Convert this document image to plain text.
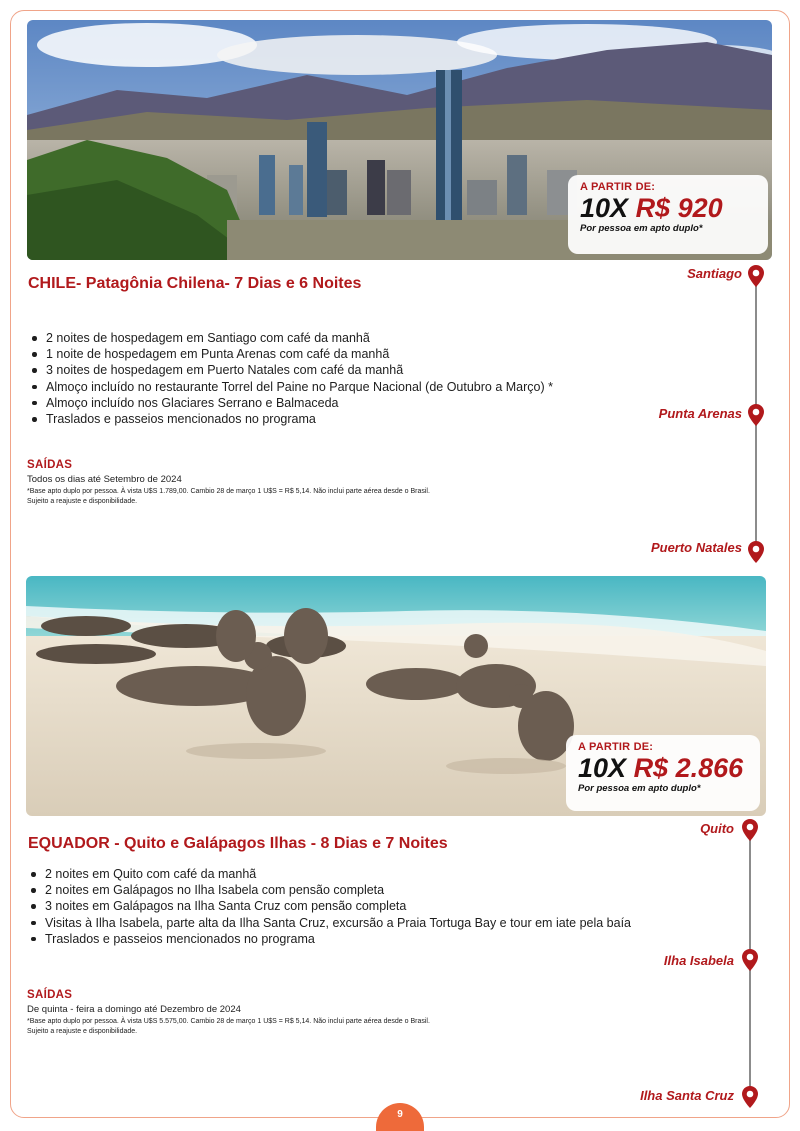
A PARTIR DE:
10X R$ 920
Por pessoa em apto duplo*
CHILE- Patagônia Chilena- 7 Dias e 6 Noites
2 noites de hospedagem em Santiago com café da manhã
1 noite de hospedagem em Punta Arenas com café da manhã
3 noites de hospedagem em Puerto Natales com café da manhã
Almoço incluído no restaurante Torrel del Paine no Parque Nacional (de Outubro a Março) *
Almoço incluído nos Glaciares Serrano e Balmaceda
Traslados e passeios mencionados no programa
SAÍDAS
Todos os dias até Setembro de 2024
*Base apto duplo por pessoa. À vista U$S 1.789,00. Cambio 28 de março 1 U$S = R$ 5,14. Não inclui parte aérea desde o Brasil.
Sujeito a reajuste e disponibilidade.
Santiago
Punta Arenas
Puerto Natales
A PARTIR DE:
10X R$ 2.866
Por pessoa em apto duplo*
EQUADOR - Quito e Galápagos Ilhas - 8 Dias e 7 Noites
2 noites em Quito com café da manhã
2 noites em Galápagos no Ilha Isabela com pensão completa
3 noites em Galápagos na Ilha Santa Cruz com pensão completa
Visitas à Ilha Isabela, parte alta da Ilha Santa Cruz, excursão a Praia Tortuga Bay e tour em iate pela baía
Traslados e passeios mencionados no programa
SAÍDAS
De quinta - feira a domingo até Dezembro de 2024
*Base apto duplo por pessoa. À vista U$S 5.575,00. Cambio 28 de março 1 U$S = R$ 5,14. Não inclui parte aérea desde o Brasil.
Sujeito a reajuste e disponibilidade.
Quito
Ilha Isabela
Ilha Santa Cruz
9
